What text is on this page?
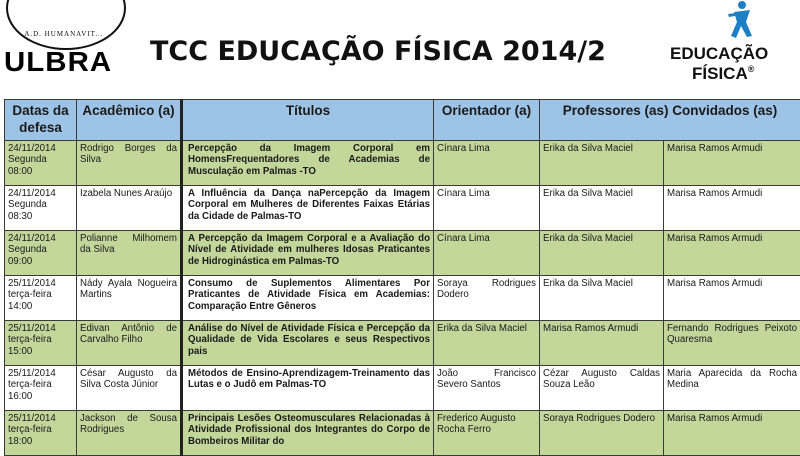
A.D. HUMANAVIT...
ULBRA TCC EDUCAÇÃO FÍSICA 2014/2	EDUCAÇÃO
FÍSICA®
Datas da defesa	Acadêmico (a)	Títulos	Orientador (a)	Professores (as) Convidados (as)	
24/11/2014
Segunda
08:00	Rodrigo Borges da Silva	Percepção da Imagem Corporal em HomensFrequentadores de Academias de Musculação em Palmas -TO	Cínara Lima	Erika da Silva Maciel	Marisa Ramos Armudi
24/11/2014
Segunda
08:30	Izabela Nunes Araújo	A Influência da Dança naPercepção da Imagem Corporal em Mulheres de Diferentes Faixas Etárias da Cidade de Palmas-TO	Cínara Lima	Erika da Silva Maciel	Marisa Ramos Armudi
24/11/2014
Segunda
09:00	Polianne Milhomem da Silva	A Percepção da Imagem Corporal e a Avaliação do Nível de Atividade em mulheres Idosas Praticantes de Hidroginástica em Palmas-TO	Cínara Lima	Erika da Silva Maciel	Marisa Ramos Armudi
25/11/2014
terça-feira
14:00	Nády Ayala Nogueira Martins	Consumo de Suplementos Alimentares Por Praticantes de Atividade Física em Academias: Comparação Entre Gêneros	Soraya Rodrigues Dodero	Erika da Silva Maciel	Marisa Ramos Armudi
25/11/2014
terça-feira
15:00	Edivan Antônio de Carvalho Filho	Análise do Nível de Atividade Física e Percepção da Qualidade de Vida Escolares e seus Respectivos pais	Erika da Silva Maciel	Marisa Ramos Armudi	Fernando Rodrigues Peixoto Quaresma
25/11/2014
terça-feira
16:00	César Augusto da Silva Costa Júnior	Métodos de Ensino-Aprendizagem-Treinamento das Lutas e o Judô em Palmas-TO	João Francisco Severo Santos	Cézar Augusto Caldas Souza Leão	Maria Aparecida da Rocha Medina
25/11/2014
terça-feira
18:00	Jackson de Sousa Rodrigues	Principais Lesões Osteomusculares Relacionadas à Atividade Profissional dos Integrantes do Corpo de Bombeiros Militar do	Frederico Augusto Rocha Ferro	Soraya Rodrigues Dodero	Marisa Ramos Armudi
